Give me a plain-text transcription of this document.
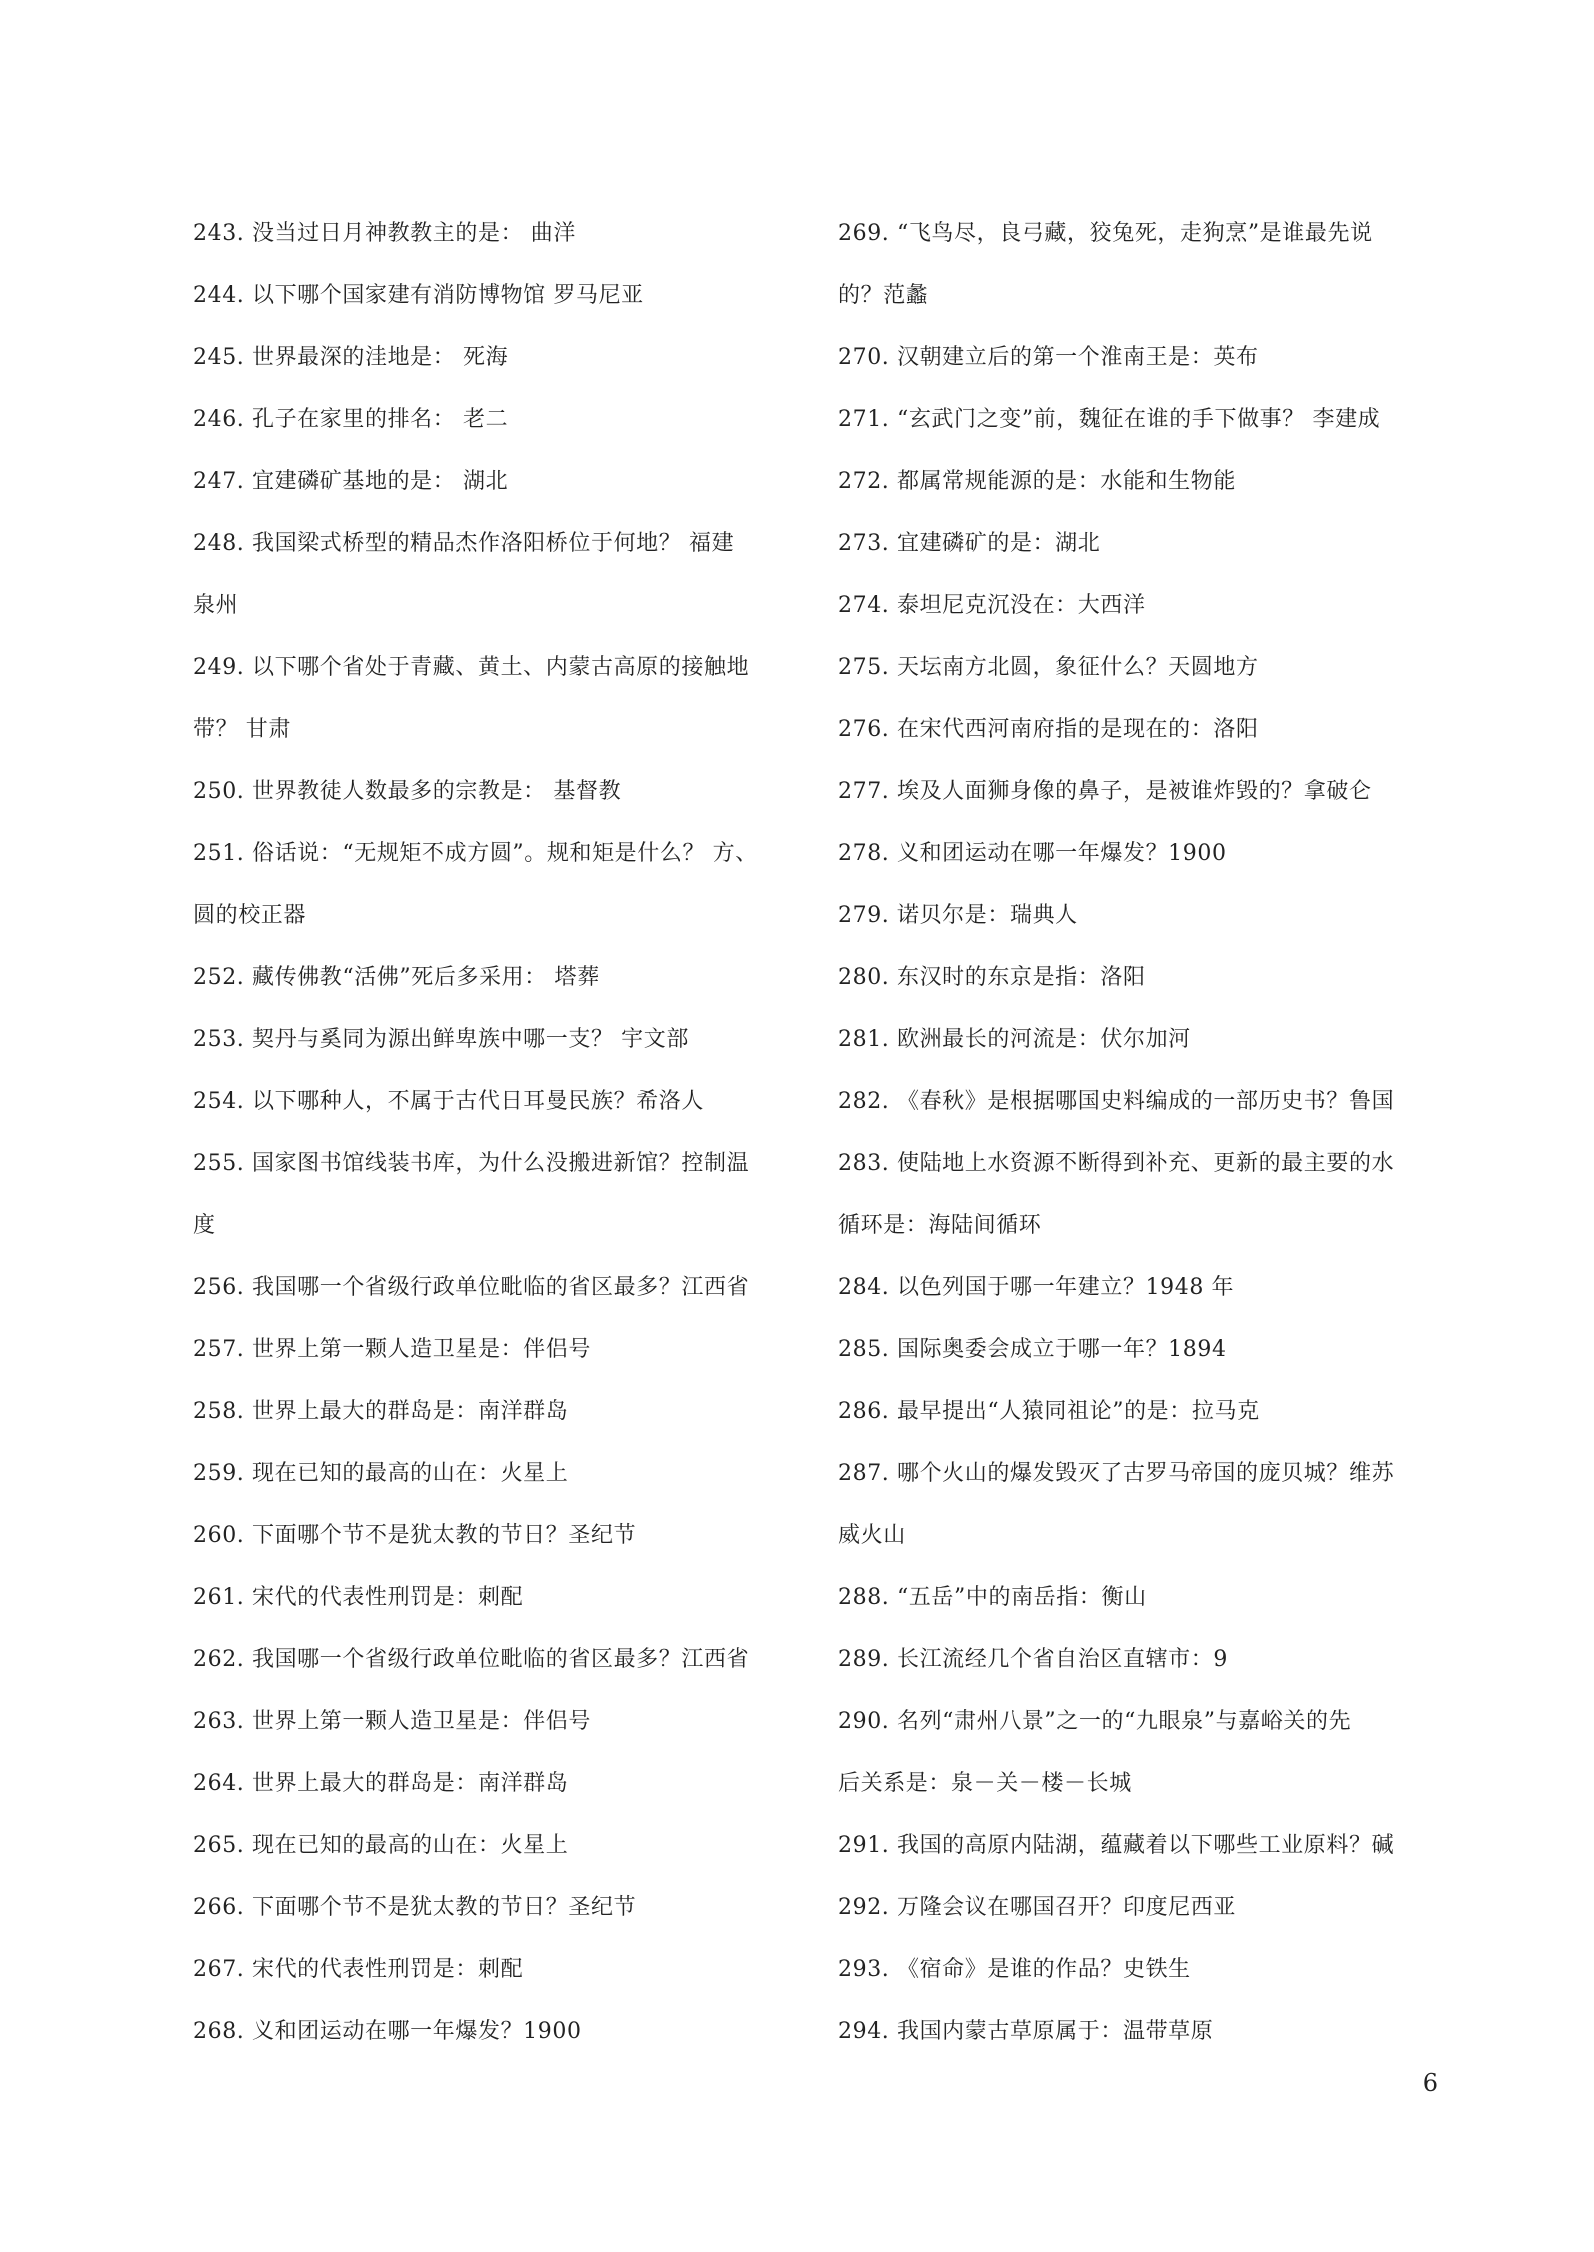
243. 没当过日月神教教主的是： 曲洋
244. 以下哪个国家建有消防博物馆 罗马尼亚
245. 世界最深的洼地是： 死海
246. 孔子在家里的排名： 老二
247. 宜建磷矿基地的是： 湖北
248. 我国梁式桥型的精品杰作洛阳桥位于何地？ 福建
泉州
249. 以下哪个省处于青藏、黄土、内蒙古高原的接触地
带？ 甘肃
250. 世界教徒人数最多的宗教是： 基督教
251. 俗话说：“无规矩不成方圆”。规和矩是什么？ 方、
圆的校正器
252. 藏传佛教“活佛”死后多采用： 塔葬
253. 契丹与奚同为源出鲜卑族中哪一支？ 宇文部
254. 以下哪种人，不属于古代日耳曼民族？希洛人
255. 国家图书馆线装书库，为什么没搬进新馆？控制温
度
256. 我国哪一个省级行政单位毗临的省区最多？江西省
257. 世界上第一颗人造卫星是：伴侣号
258. 世界上最大的群岛是：南洋群岛
259. 现在已知的最高的山在：火星上
260. 下面哪个节不是犹太教的节日？圣纪节
261. 宋代的代表性刑罚是：刺配
262. 我国哪一个省级行政单位毗临的省区最多？江西省
263. 世界上第一颗人造卫星是：伴侣号
264. 世界上最大的群岛是：南洋群岛
265. 现在已知的最高的山在：火星上
266. 下面哪个节不是犹太教的节日？圣纪节
267. 宋代的代表性刑罚是：刺配
268. 义和团运动在哪一年爆发？1900
269. “飞鸟尽，良弓藏，狡兔死，走狗烹”是谁最先说
的？范蠡
270. 汉朝建立后的第一个淮南王是：英布
271. “玄武门之变”前，魏征在谁的手下做事？ 李建成
272. 都属常规能源的是：水能和生物能
273. 宜建磷矿的是：湖北
274. 泰坦尼克沉没在：大西洋
275. 天坛南方北圆，象征什么？天圆地方
276. 在宋代西河南府指的是现在的：洛阳
277. 埃及人面狮身像的鼻子，是被谁炸毁的？拿破仑
278. 义和团运动在哪一年爆发？1900
279. 诺贝尔是：瑞典人
280. 东汉时的东京是指：洛阳
281. 欧洲最长的河流是：伏尔加河
282. 《春秋》是根据哪国史料编成的一部历史书？鲁国
283. 使陆地上水资源不断得到补充、更新的最主要的水
循环是：海陆间循环
284. 以色列国于哪一年建立？1948 年
285. 国际奥委会成立于哪一年？1894
286. 最早提出“人猿同祖论”的是：拉马克
287. 哪个火山的爆发毁灭了古罗马帝国的庞贝城？维苏
威火山
288. “五岳”中的南岳指：衡山
289. 长江流经几个省自治区直辖市：9
290. 名列“肃州八景”之一的“九眼泉”与嘉峪关的先
后关系是：泉－关－楼－长城
291. 我国的高原内陆湖，蕴藏着以下哪些工业原料？碱
292. 万隆会议在哪国召开？印度尼西亚
293. 《宿命》是谁的作品？史铁生
294. 我国内蒙古草原属于：温带草原
6
